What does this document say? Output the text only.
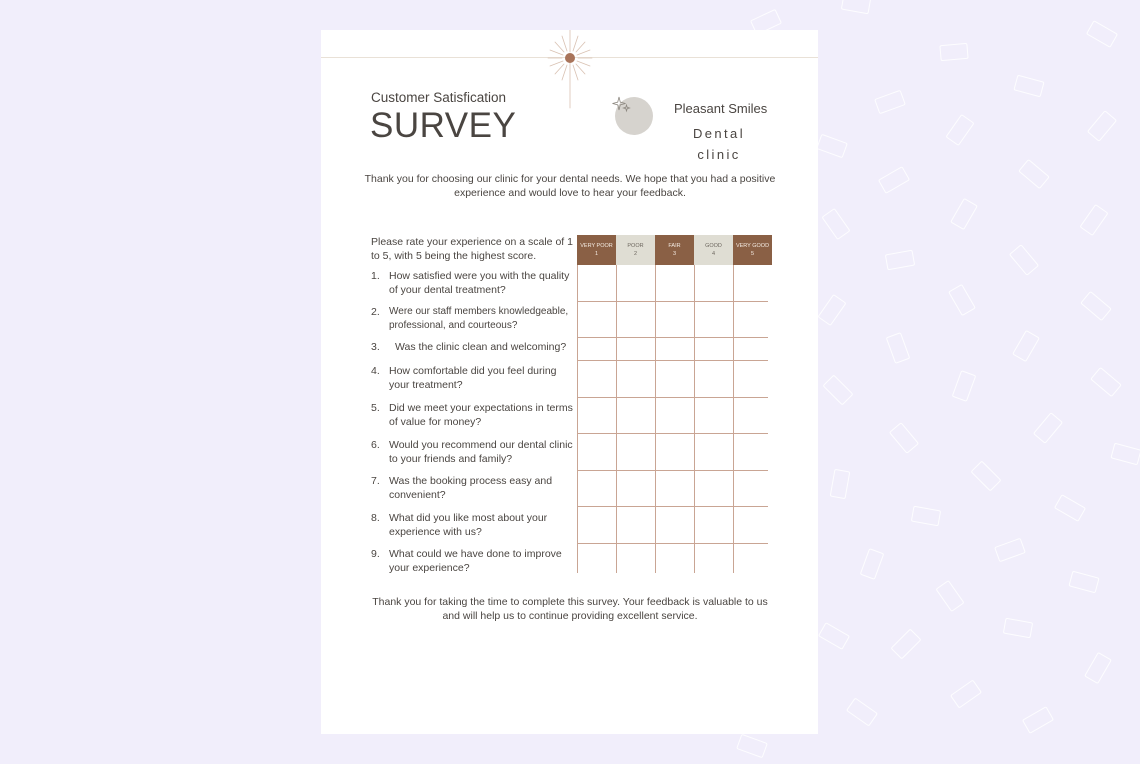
Customer Satisfication
SURVEY	Pleasant Smiles
Dental clinic
Thank you for choosing our clinic for your dental needs. We hope that you had a positive experience and would love to hear your feedback.
Please rate your experience on a scale of 1 to 5, with 5 being the highest score.
VERY POOR
1
POOR
2
FAIR
3
GOOD
4
VERY GOOD
5
1. How satisfied were you with the quality of your dental treatment?
2. Were our staff members knowledgeable, professional, and courteous?
3. Was the clinic clean and welcoming?
4. How comfortable did you feel during your treatment?
5. Did we meet your expectations in terms of value for money?
6. Would you recommend our dental clinic to your friends and family?
7. Was the booking process easy and convenient?
8. What did you like most about your experience with us?
9. What could we have done to improve your experience?
Thank you for taking the time to complete this survey. Your feedback is valuable to us and will help us to continue providing excellent service.
